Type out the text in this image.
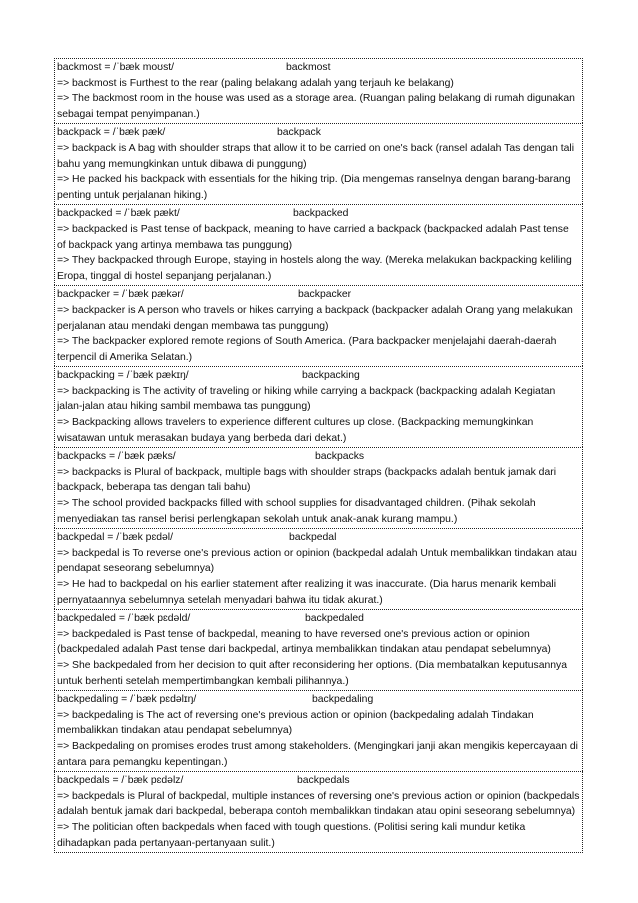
backmost = /ˈbæk moʊst/	backmost
=> backmost is Furthest to the rear (paling belakang adalah yang terjauh ke belakang)
=> The backmost room in the house was used as a storage area. (Ruangan paling belakang di rumah digunakan sebagai tempat penyimpanan.)
backpack = /ˈbæk pæk/	backpack
=> backpack is A bag with shoulder straps that allow it to be carried on one's back (ransel adalah Tas dengan tali bahu yang memungkinkan untuk dibawa di punggung)
=> He packed his backpack with essentials for the hiking trip. (Dia mengemas ranselnya dengan barang-barang penting untuk perjalanan hiking.)
backpacked = /ˈbæk pækt/	backpacked
=> backpacked is Past tense of backpack, meaning to have carried a backpack (backpacked adalah Past tense of backpack yang artinya membawa tas punggung)
=> They backpacked through Europe, staying in hostels along the way. (Mereka melakukan backpacking keliling Eropa, tinggal di hostel sepanjang perjalanan.)
backpacker = /ˈbæk pækər/	backpacker
=> backpacker is A person who travels or hikes carrying a backpack (backpacker adalah Orang yang melakukan perjalanan atau mendaki dengan membawa tas punggung)
=> The backpacker explored remote regions of South America. (Para backpacker menjelajahi daerah-daerah terpencil di Amerika Selatan.)
backpacking = /ˈbæk pækɪŋ/	backpacking
=> backpacking is The activity of traveling or hiking while carrying a backpack (backpacking adalah Kegiatan jalan-jalan atau hiking sambil membawa tas punggung)
=> Backpacking allows travelers to experience different cultures up close. (Backpacking memungkinkan wisatawan untuk merasakan budaya yang berbeda dari dekat.)
backpacks = /ˈbæk pæks/	backpacks
=> backpacks is Plural of backpack, multiple bags with shoulder straps (backpacks adalah bentuk jamak dari backpack, beberapa tas dengan tali bahu)
=> The school provided backpacks filled with school supplies for disadvantaged children. (Pihak sekolah menyediakan tas ransel berisi perlengkapan sekolah untuk anak-anak kurang mampu.)
backpedal = /ˈbæk pɛdəl/	backpedal
=> backpedal is To reverse one's previous action or opinion (backpedal adalah Untuk membalikkan tindakan atau pendapat seseorang sebelumnya)
=> He had to backpedal on his earlier statement after realizing it was inaccurate. (Dia harus menarik kembali pernyataannya sebelumnya setelah menyadari bahwa itu tidak akurat.)
backpedaled = /ˈbæk pɛdəld/	backpedaled
=> backpedaled is Past tense of backpedal, meaning to have reversed one's previous action or opinion (backpedaled adalah Past tense dari backpedal, artinya membalikkan tindakan atau pendapat sebelumnya)
=> She backpedaled from her decision to quit after reconsidering her options. (Dia membatalkan keputusannya untuk berhenti setelah mempertimbangkan kembali pilihannya.)
backpedaling = /ˈbæk pɛdəlɪŋ/	backpedaling
=> backpedaling is The act of reversing one's previous action or opinion (backpedaling adalah Tindakan membalikkan tindakan atau pendapat sebelumnya)
=> Backpedaling on promises erodes trust among stakeholders. (Mengingkari janji akan mengikis kepercayaan di antara para pemangku kepentingan.)
backpedals = /ˈbæk pɛdəlz/	backpedals
=> backpedals is Plural of backpedal, multiple instances of reversing one's previous action or opinion (backpedals adalah bentuk jamak dari backpedal, beberapa contoh membalikkan tindakan atau opini seseorang sebelumnya)
=> The politician often backpedals when faced with tough questions. (Politisi sering kali mundur ketika dihadapkan pada pertanyaan-pertanyaan sulit.)
